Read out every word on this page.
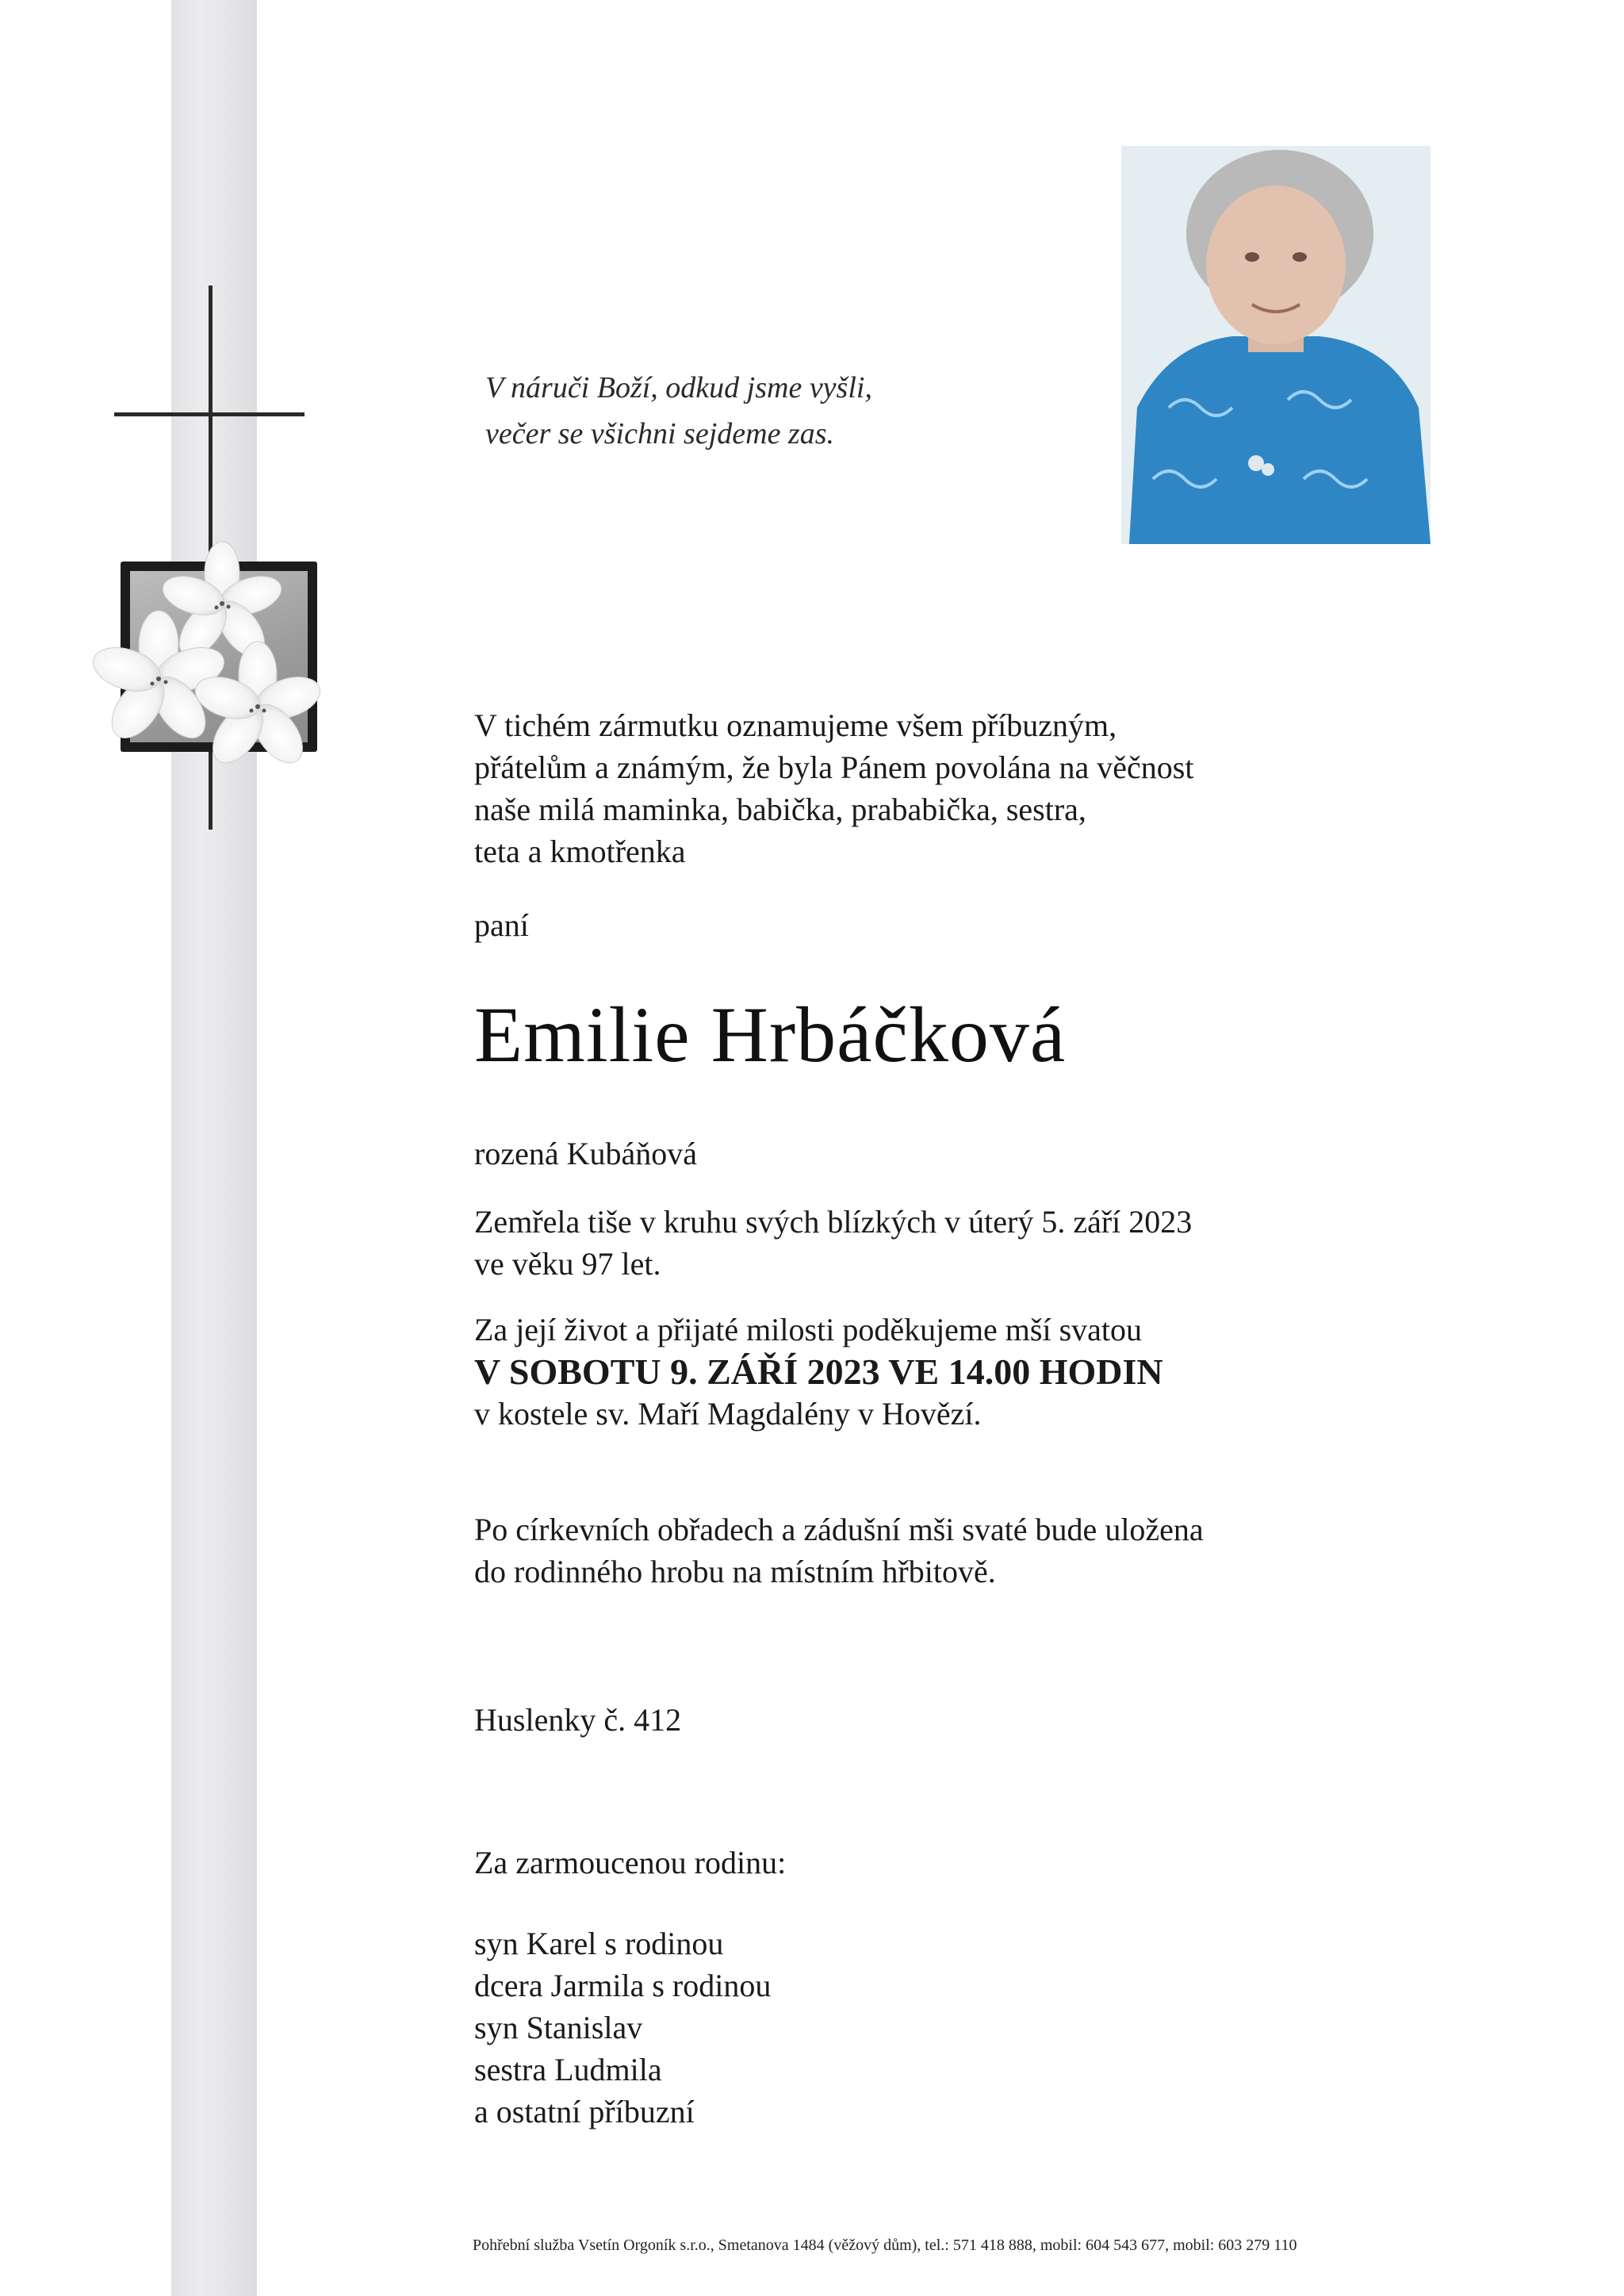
V náruči Boží, odkud jsme vyšli,
večer se všichni sejdeme zas.
V tichém zármutku oznamujeme všem příbuzným,
přátelům a známým, že byla Pánem povolána na věčnost
naše milá maminka, babička, prababička, sestra,
teta a kmotřenka
paní
Emilie Hrbáčková
rozená Kubáňová
Zemřela tiše v kruhu svých blízkých v úterý 5. září 2023
ve věku 97 let.
Za její život a přijaté milosti poděkujeme mší svatou
V SOBOTU 9. ZÁŘÍ 2023 VE 14.00 HODIN
v kostele sv. Maří Magdalény v Hovězí.
Po církevních obřadech a zádušní mši svaté bude uložena
do rodinného hrobu na místním hřbitově.
Huslenky č. 412
Za zarmoucenou rodinu:
syn Karel s rodinou
dcera Jarmila s rodinou
syn Stanislav
sestra Ludmila
a ostatní příbuzní
Pohřební služba Vsetín Orgoník s.r.o., Smetanova 1484 (věžový dům), tel.: 571 418 888, mobil: 604 543 677, mobil: 603 279 110
